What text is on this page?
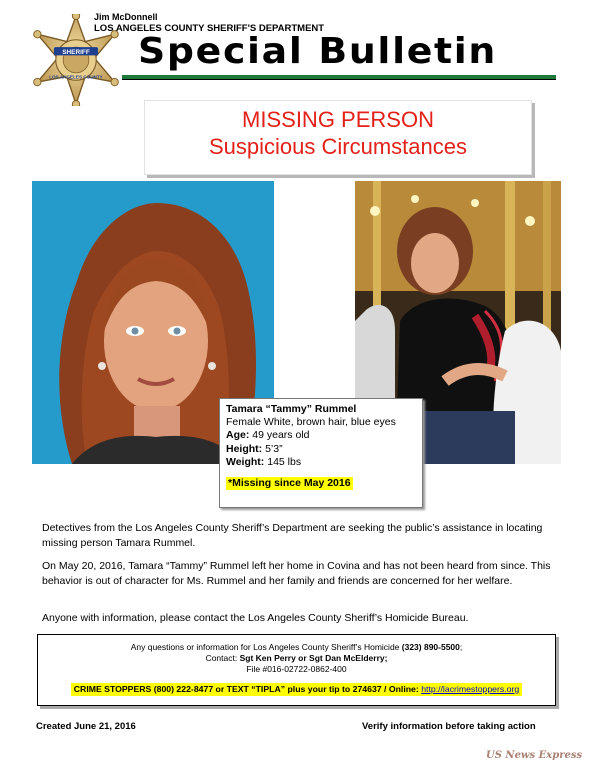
SHERIFF
LOS ANGELES COUNTY
Jim McDonnell
LOS ANGELES COUNTY SHERIFF'S DEPARTMENT
Special Bulletin
MISSING PERSON
Suspicious Circumstances
Tamara “Tammy” Rummel
Female White, brown hair, blue eyes
Age: 49 years old
Height: 5’3”
Weight: 145 lbs
*Missing since May 2016
Detectives from the Los Angeles County Sheriff’s Department are seeking the public’s assistance in locating missing person Tamara Rummel.
On May 20, 2016, Tamara “Tammy” Rummel left her home in Covina and has not been heard from since. This behavior is out of character for Ms. Rummel and her family and friends are concerned for her welfare.
Anyone with information, please contact the Los Angeles County Sheriff’s Homicide Bureau.
Any questions or information for Los Angeles County Sheriff’s Homicide (323) 890-5500;
Contact: Sgt Ken Perry or Sgt Dan McElderry;
File #016-02722-0862-400
CRIME STOPPERS (800) 222-8477 or TEXT “TIPLA” plus your tip to 274637 / Online: http://lacrimestoppers.org
Created June 21, 2016	Verify information before taking action
US News Express
